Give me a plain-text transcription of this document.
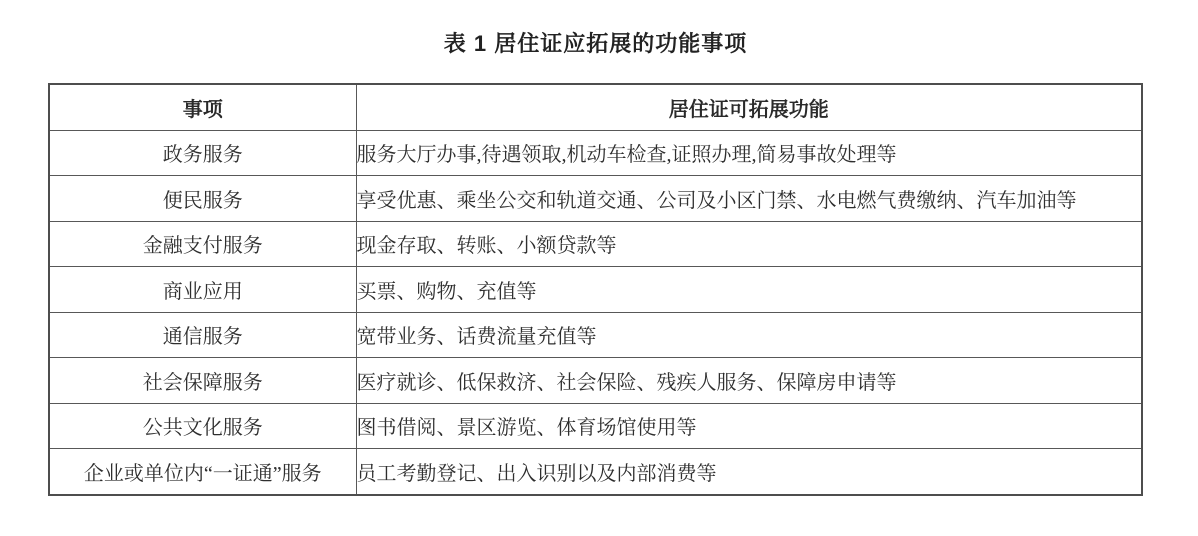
表 1 居住证应拓展的功能事项
事项	居住证可拓展功能
政务服务	服务大厅办事,待遇领取,机动车检查,证照办理,简易事故处理等
便民服务	享受优惠、乘坐公交和轨道交通、公司及小区门禁、水电燃气费缴纳、汽车加油等
金融支付服务	现金存取、转账、小额贷款等
商业应用	买票、购物、充值等
通信服务	宽带业务、话费流量充值等
社会保障服务	医疗就诊、低保救济、社会保险、残疾人服务、保障房申请等
公共文化服务	图书借阅、景区游览、体育场馆使用等
企业或单位内“一证通”服务	员工考勤登记、出入识别以及内部消费等
